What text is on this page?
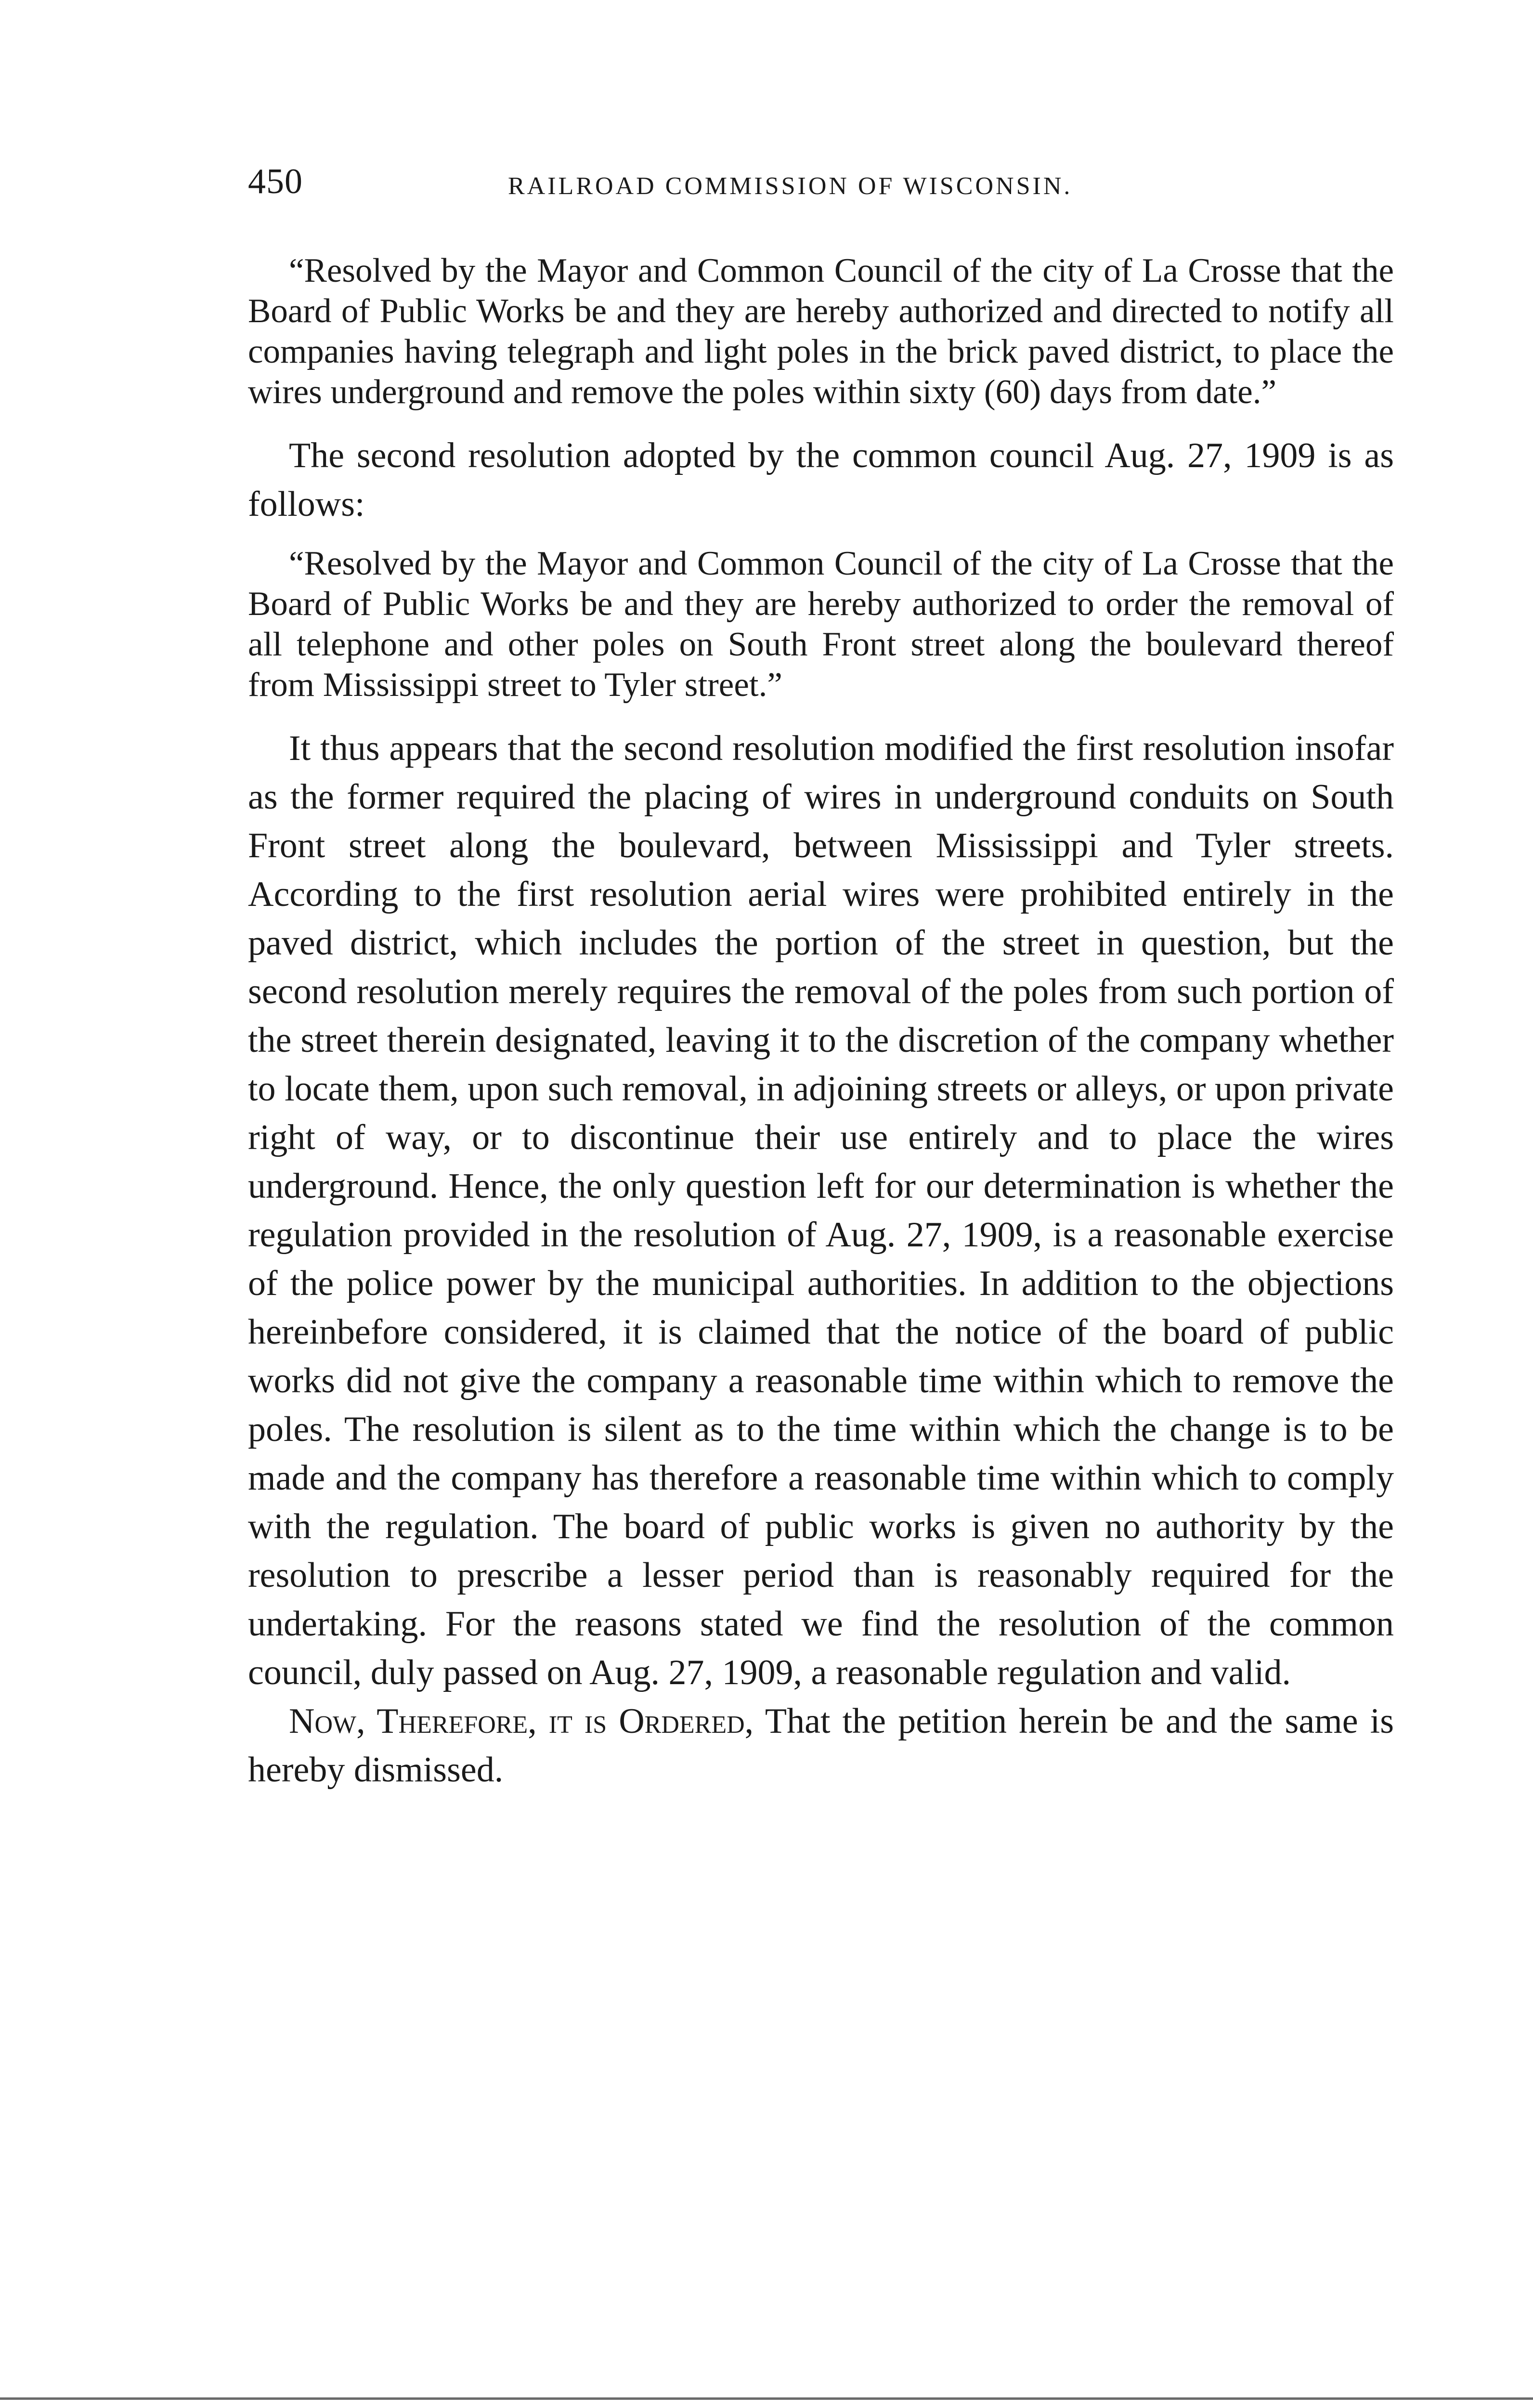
450	RAILROAD COMMISSION OF WISCONSIN.

“Resolved by the Mayor and Common Council of the city of La Crosse that the Board of Public Works be and they are hereby authorized and directed to notify all companies having telegraph and light poles in the brick paved district, to place the wires underground and remove the poles within sixty (60) days from date.”

The second resolution adopted by the common council Aug. 27, 1909 is as follows:

“Resolved by the Mayor and Common Council of the city of La Crosse that the Board of Public Works be and they are hereby authorized to order the removal of all telephone and other poles on South Front street along the boulevard thereof from Mississippi street to Tyler street.”

It thus appears that the second resolution modified the first resolution insofar as the former required the placing of wires in underground conduits on South Front street along the boulevard, between Mississippi and Tyler streets. According to the first resolution aerial wires were prohibited entirely in the paved district, which includes the portion of the street in question, but the second resolution merely requires the removal of the poles from such portion of the street therein designated, leaving it to the discretion of the company whether to locate them, upon such removal, in adjoining streets or alleys, or upon private right of way, or to discontinue their use entirely and to place the wires underground. Hence, the only question left for our determination is whether the regulation provided in the resolution of Aug. 27, 1909, is a reasonable exercise of the police power by the municipal authorities. In addition to the objections hereinbefore considered, it is claimed that the notice of the board of public works did not give the company a reasonable time within which to remove the poles. The resolution is silent as to the time within which the change is to be made and the company has therefore a reasonable time within which to comply with the regulation. The board of public works is given no authority by the resolution to prescribe a lesser period than is reasonably required for the undertaking. For the reasons stated we find the resolution of the common council, duly passed on Aug. 27, 1909, a reasonable regulation and valid.

Now, Therefore, it is Ordered, That the petition herein be and the same is hereby dismissed.
